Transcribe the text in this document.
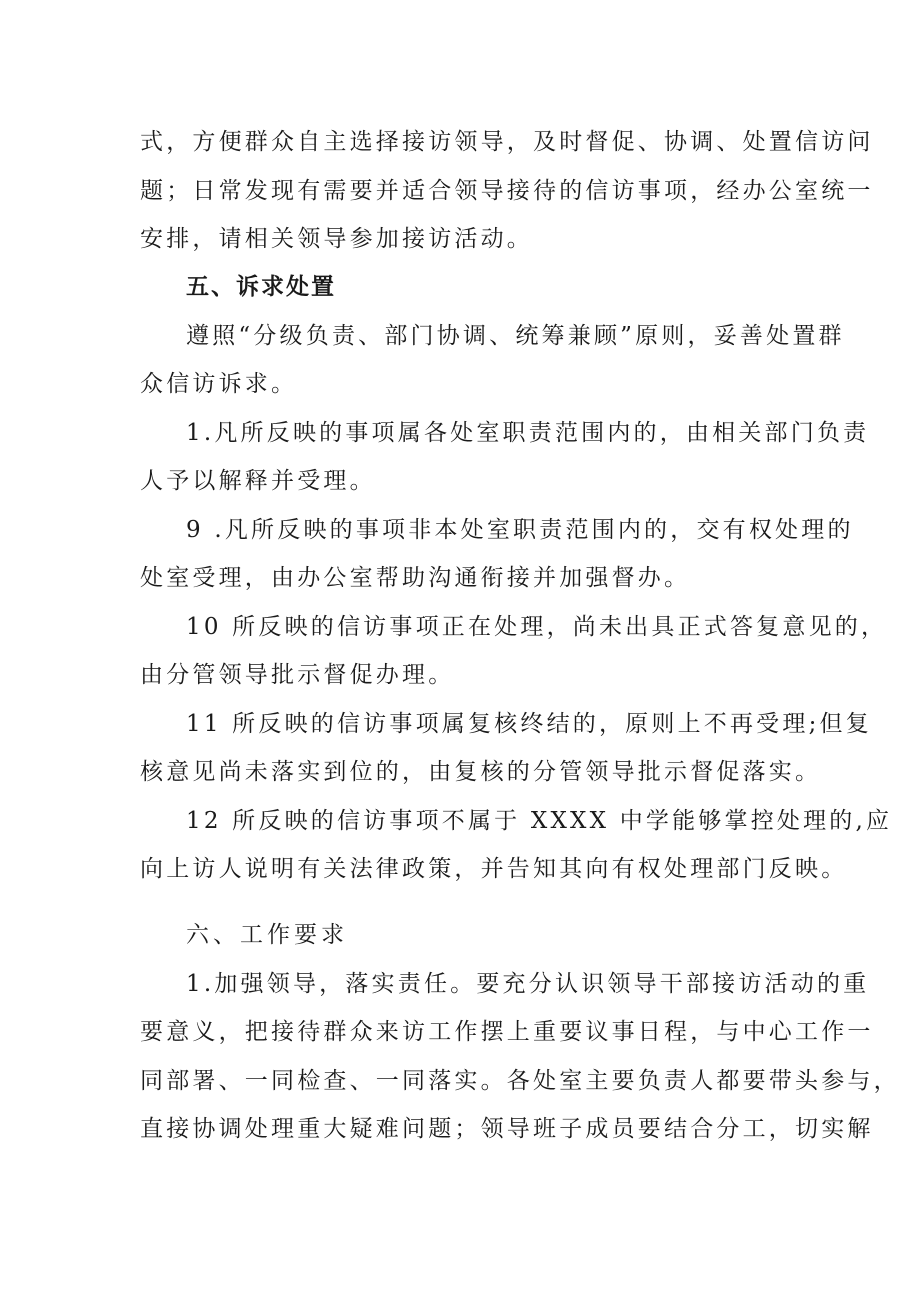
式，方便群众自主选择接访领导，及时督促、协调、处置信访问
题；日常发现有需要并适合领导接待的信访事项，经办公室统一
安排，请相关领导参加接访活动。
五、诉求处置
遵照“分级负责、部门协调、统筹兼顾”原则，妥善处置群
众信访诉求。
1.凡所反映的事项属各处室职责范围内的，由相关部门负责
人予以解释并受理。
9 .凡所反映的事项非本处室职责范围内的，交有权处理的
处室受理，由办公室帮助沟通衔接并加强督办。
10 所反映的信访事项正在处理，尚未出具正式答复意见的，
由分管领导批示督促办理。
11 所反映的信访事项属复核终结的，原则上不再受理;但复
核意见尚未落实到位的，由复核的分管领导批示督促落实。
12 所反映的信访事项不属于 XXXX 中学能够掌控处理的,应
向上访人说明有关法律政策，并告知其向有权处理部门反映。
六、工作要求
1.加强领导，落实责任。要充分认识领导干部接访活动的重
要意义，把接待群众来访工作摆上重要议事日程，与中心工作一
同部署、一同检查、一同落实。各处室主要负责人都要带头参与，
直接协调处理重大疑难问题；领导班子成员要结合分工，切实解
